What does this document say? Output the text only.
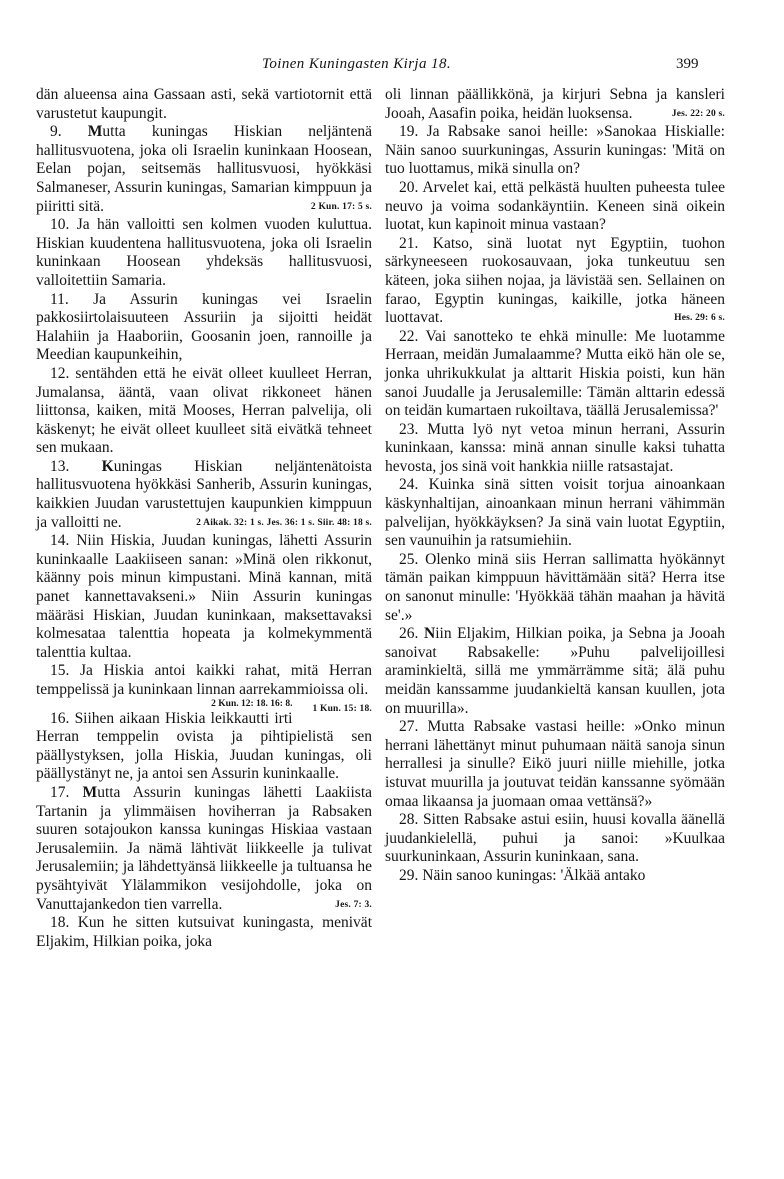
Toinen Kuningasten Kirja 18.	399

dän alueensa aina Gassaan asti, sekä vartiotornit että varustetut kaupungit.

9. Mutta kuningas Hiskian neljäntenä hallitusvuotena, joka oli Israelin kuninkaan Hoosean, Eelan pojan, seitsemäs hallitusvuosi, hyökkäsi Salmaneser, Assurin kuningas, Samarian kimppuun ja piiritti sitä.	2 Kun. 17: 5 s.

10. Ja hän valloitti sen kolmen vuoden kuluttua. Hiskian kuudentena hallitusvuotena, joka oli Israelin kuninkaan Hoosean yhdeksäs hallitusvuosi, valloitettiin Samaria.

11. Ja Assurin kuningas vei Israelin pakkosiirtolaisuuteen Assuriin ja sijoitti heidät Halahiin ja Haaboriin, Goosanin joen, rannoille ja Meedian kaupunkeihin,

12. sentähden että he eivät olleet kuulleet Herran, Jumalansa, ääntä, vaan olivat rikkoneet hänen liittonsa, kaiken, mitä Mooses, Herran palvelija, oli käskenyt; he eivät olleet kuulleet sitä eivätkä tehneet sen mukaan.

13. Kuningas Hiskian neljäntenätoista hallitusvuotena hyökkäsi Sanherib, Assurin kuningas, kaikkien Juudan varustettujen kaupunkien kimppuun ja valloitti ne.	2 Aikak. 32: 1 s. Jes. 36: 1 s. Siir. 48: 18 s.

14. Niin Hiskia, Juudan kuningas, lähetti Assurin kuninkaalle Laakiiseen sanan: »Minä olen rikkonut, käänny pois minun kimpustani. Minä kannan, mitä panet kannettavakseni.» Niin Assurin kuningas määräsi Hiskian, Juudan kuninkaan, maksettavaksi kolmesataa talenttia hopeata ja kolmekymmentä talenttia kultaa.

15. Ja Hiskia antoi kaikki rahat, mitä Herran temppelissä ja kuninkaan linnan aarrekammioissa oli.
1 Kun. 15: 18.

2 Kun. 12: 18. 16: 8.

16. Siihen aikaan Hiskia leikkautti irti Herran temppelin ovista ja pihtipielistä sen päällystyksen, jolla Hiskia, Juudan kuningas, oli päällystänyt ne, ja antoi sen Assurin kuninkaalle.

17. Mutta Assurin kuningas lähetti Laakiista Tartanin ja ylimmäisen hoviherran ja Rabsaken suuren sotajoukon kanssa kuningas Hiskiaa vastaan Jerusalemiin. Ja nämä lähtivät liikkeelle ja tulivat Jerusalemiin; ja lähdettyänsä liikkeelle ja tultuansa he pysähtyivät Ylälammikon vesijohdolle, joka on Vanuttajankedon tien varrella.	Jes. 7: 3.

18. Kun he sitten kutsuivat kuningasta, menivät Eljakim, Hilkian poika, joka

oli linnan päällikkönä, ja kirjuri Sebna ja kansleri Jooah, Aasafin poika, heidän luoksensa.	Jes. 22: 20 s.

19. Ja Rabsake sanoi heille: »Sanokaa Hiskialle: Näin sanoo suurkuningas, Assurin kuningas: 'Mitä on tuo luottamus, mikä sinulla on?

20. Arvelet kai, että pelkästä huulten puheesta tulee neuvo ja voima sodankäyntiin. Keneen sinä oikein luotat, kun kapinoit minua vastaan?

21. Katso, sinä luotat nyt Egyptiin, tuohon särkyneeseen ruokosauvaan, joka tunkeutuu sen käteen, joka siihen nojaa, ja lävistää sen. Sellainen on farao, Egyptin kuningas, kaikille, jotka häneen luottavat.	Hes. 29: 6 s.

22. Vai sanotteko te ehkä minulle: Me luotamme Herraan, meidän Jumalaamme? Mutta eikö hän ole se, jonka uhrikukkulat ja alttarit Hiskia poisti, kun hän sanoi Juudalle ja Jerusalemille: Tämän alttarin edessä on teidän kumartaen rukoiltava, täällä Jerusalemissa?'

23. Mutta lyö nyt vetoa minun herrani, Assurin kuninkaan, kanssa: minä annan sinulle kaksi tuhatta hevosta, jos sinä voit hankkia niille ratsastajat.

24. Kuinka sinä sitten voisit torjua ainoankaan käskynhaltijan, ainoankaan minun herrani vähimmän palvelijan, hyökkäyksen? Ja sinä vain luotat Egyptiin, sen vaunuihin ja ratsumiehiin.

25. Olenko minä siis Herran sallimatta hyökännyt tämän paikan kimppuun hävittämään sitä? Herra itse on sanonut minulle: 'Hyökkää tähän maahan ja hävitä se'.»

26. Niin Eljakim, Hilkian poika, ja Sebna ja Jooah sanoivat Rabsakelle: »Puhu palvelijoillesi araminkieltä, sillä me ymmärrämme sitä; älä puhu meidän kanssamme juudankieltä kansan kuullen, jota on muurilla».

27. Mutta Rabsake vastasi heille: »Onko minun herrani lähettänyt minut puhumaan näitä sanoja sinun herrallesi ja sinulle? Eikö juuri niille miehille, jotka istuvat muurilla ja joutuvat teidän kanssanne syömään omaa likaansa ja juomaan omaa vettänsä?»

28. Sitten Rabsake astui esiin, huusi kovalla äänellä juudankielellä, puhui ja sanoi: »Kuulkaa suurkuninkaan, Assurin kuninkaan, sana.

29. Näin sanoo kuningas: 'Älkää antako
